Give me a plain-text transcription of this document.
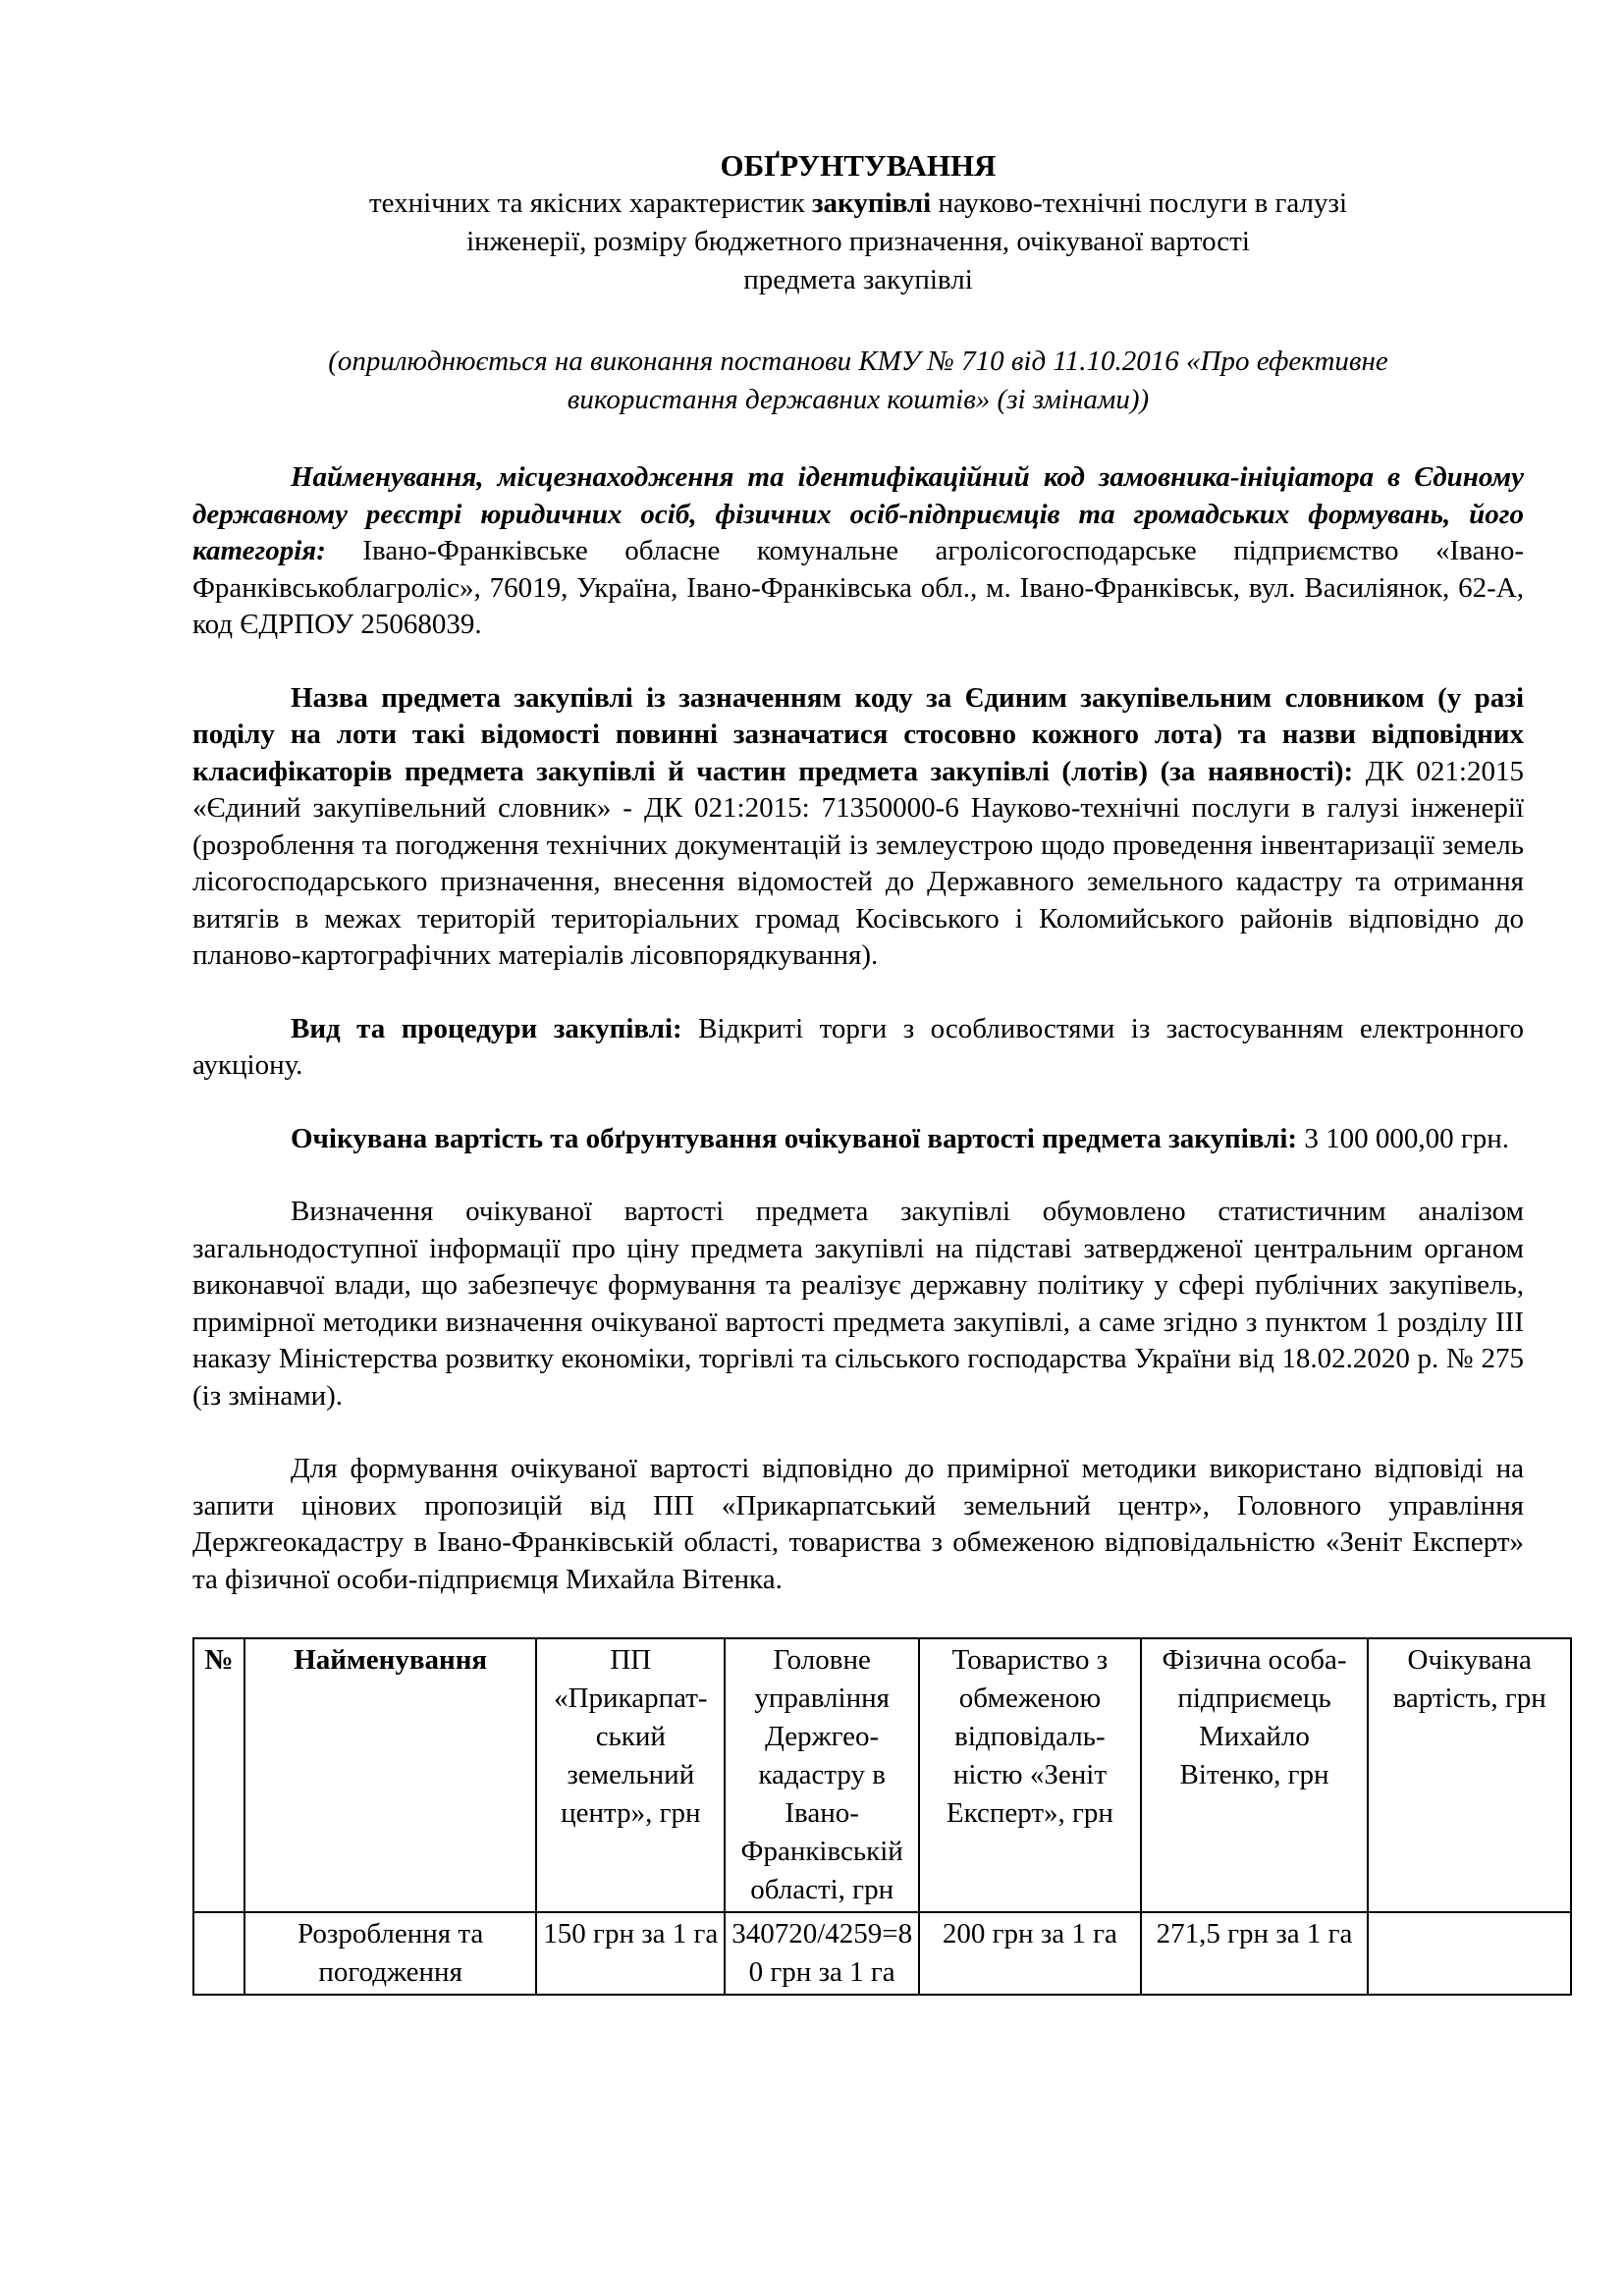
ОБҐРУНТУВАННЯ

технічних та якісних характеристик закупівлі науково-технічні послуги в галузі

інженерії, розміру бюджетного призначення, очікуваної вартості

предмета закупівлі

(оприлюднюється на виконання постанови КМУ № 710 від 11.10.2016 «Про ефективне
використання державних коштів» (зі змінами))

Найменування, місцезнаходження та ідентифікаційний код замовника-ініціатора в Єдиному державному реєстрі юридичних осіб, фізичних осіб-підприємців та громадських формувань, його категорія: Івано-Франківське обласне комунальне агролісогосподарське підприємство «Івано-Франківськоблагроліс», 76019, Україна, Івано-Франківська обл., м. Івано-Франківськ, вул. Василіянок, 62-А, код ЄДРПОУ 25068039.

Назва предмета закупівлі із зазначенням коду за Єдиним закупівельним словником (у разі поділу на лоти такі відомості повинні зазначатися стосовно кожного лота) та назви відповідних класифікаторів предмета закупівлі й частин предмета закупівлі (лотів) (за наявності): ДК 021:2015 «Єдиний закупівельний словник» - ДК 021:2015: 71350000-6 Науково-технічні послуги в галузі інженерії (розроблення та погодження технічних документацій із землеустрою щодо проведення інвентаризації земель лісогосподарського призначення, внесення відомостей до Державного земельного кадастру та отримання витягів в межах територій територіальних громад Косівського і Коломийського районів відповідно до планово-картографічних матеріалів лісовпорядкування).

Вид та процедури закупівлі: Відкриті торги з особливостями із застосуванням електронного аукціону.

Очікувана вартість та обґрунтування очікуваної вартості предмета закупівлі: 3 100 000,00 грн.

Визначення очікуваної вартості предмета закупівлі обумовлено статистичним аналізом загальнодоступної інформації про ціну предмета закупівлі на підставі затвердженої центральним органом виконавчої влади, що забезпечує формування та реалізує державну політику у сфері публічних закупівель, примірної методики визначення очікуваної вартості предмета закупівлі, а саме згідно з пунктом 1 розділу ІІІ наказу Міністерства розвитку економіки, торгівлі та сільського господарства України від 18.02.2020 р. № 275 (із змінами).

Для формування очікуваної вартості відповідно до примірної методики використано відповіді на запити цінових пропозицій від ПП «Прикарпатський земельний центр», Головного управління Держгеокадастру в Івано-Франківській області, товариства з обмеженою відповідальністю «Зеніт Експерт» та фізичної особи-підприємця Михайла Вітенка.

№	Найменування	ПП «Прикарпат-ський земельний центр», грн	Головне управління Держгео-кадастру в Івано-Франківській області, грн	Товариство з обмеженою відповідаль-ністю «Зеніт Експерт», грн	Фізична особа-підприємець Михайло Вітенко, грн	Очікувана вартість, грн
	Розроблення та погодження	150 грн за 1 га	340720/4259=80 грн за 1 га	200 грн за 1 га	271,5 грн за 1 га	
